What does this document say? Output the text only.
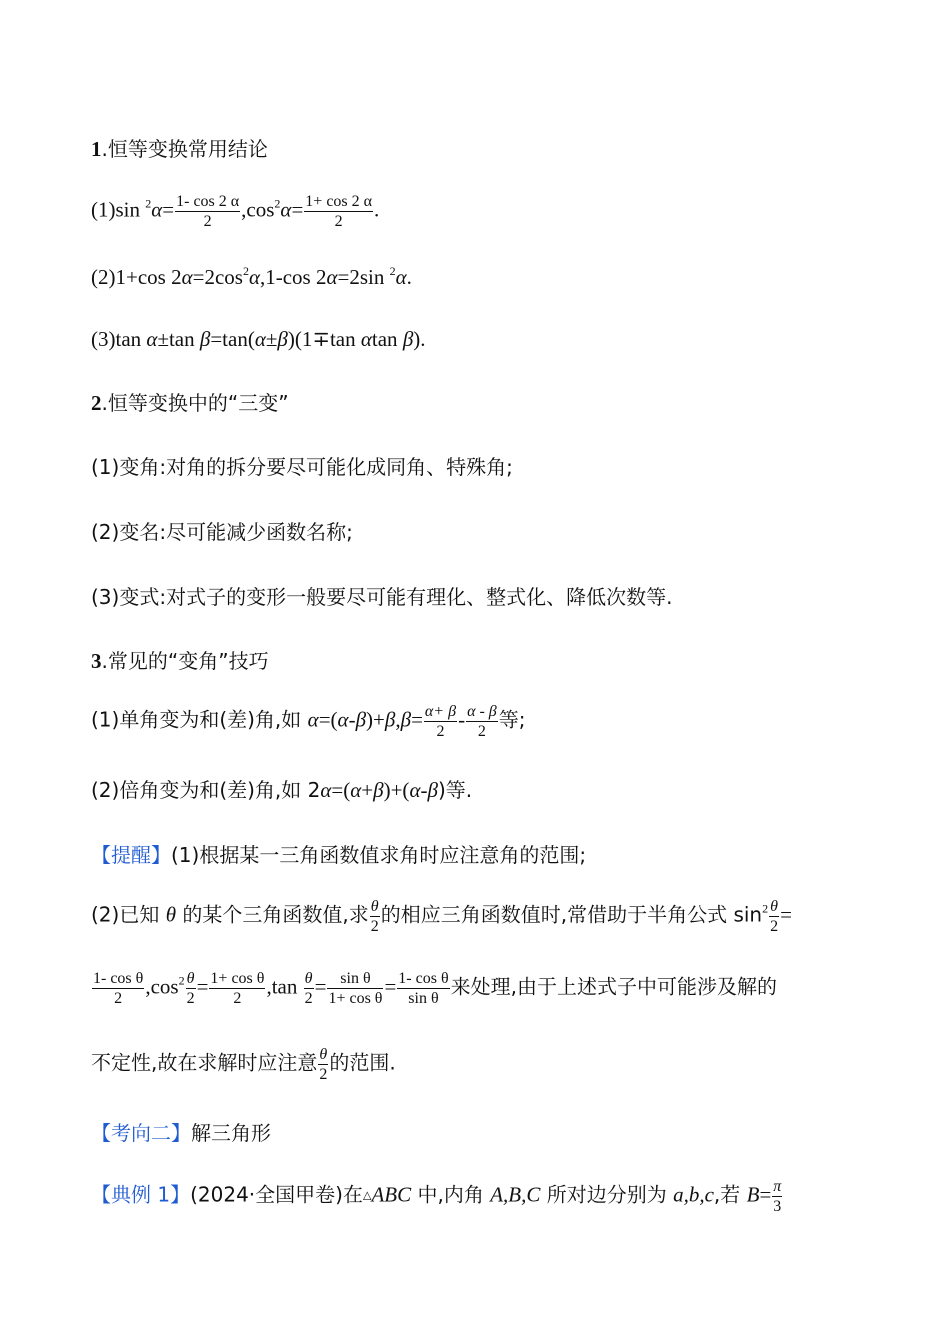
1.恒等变换常用结论
(1)sin $^2\alpha= \frac{1- \cos 2 \alpha}{2} ,\cos^2\alpha= \frac{1+ \cos 2 \alpha}{2}$ .
(2)1+cos $2\alpha=2\cos^2\alpha,1-\cos$ 2α=2sin $^2$α.
(3)tan α±tan β=tan(α±β)(1∓tan αtan β).
2.恒等变换中的“三变”
(1)变角:对角的拆分要尽可能化成同角、特殊角;
(2)变名:尽可能减少函数名称;
(3)变式:对式子的变形一般要尽可能有理化、整式化、降低次数等.
3.常见的“变角”技巧
(1)单角变为和(差)角,如 $\alpha=(\alpha-\beta)+\beta,\beta= \frac{\alpha+ \beta}{2} - \frac{\alpha - \beta}{2}$ 等;
(2)倍角变为和(差)角,如 2α=(α+β)+(α-β)等.
【提醒】(1)根据某一三角函数值求角时应注意角的范围;
(2)已知 θ 的某个三角函数值,求 $\frac{\theta}{2}$ 的相应三角函数值时,常借助于半角公式 $\sin^2 \frac{\theta}{2}$ =
$\frac{\text{1- cos θ}}{2} ,\cos^2 \frac{\theta}{2} = \frac{\text{1+ cos θ}}{2} ,\tan \frac{\theta}{2} = \frac{\text{sin θ}}{\text{1+ cos θ}} = \frac{\text{1- cos θ}}{\text{sin θ}}$ 来处理,由于上述式子中可能涉及解的
不定性,故在求解时应注意 $\frac{\theta}{2}$ 的范围.
【考向二】解三角形
【典例 1】(2024·全国甲卷)在△ABC 中,内角 A,B,C 所对边分别为 a,b,c,若 $B= \frac{\pi}{3}$
